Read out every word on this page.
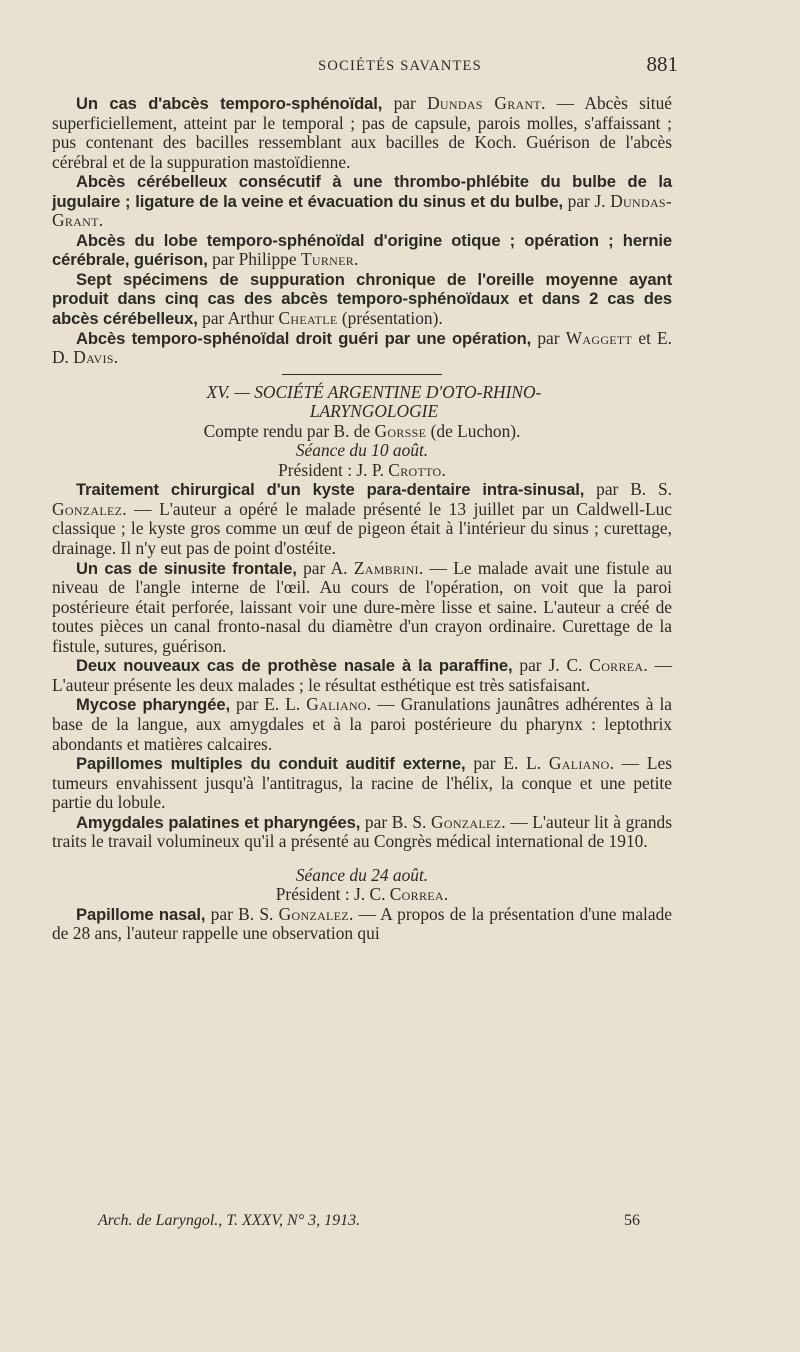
SOCIÉTÉS SAVANTES	881

Un cas d'abcès temporo-sphénoïdal, par Dundas Grant. — Abcès situé superficiellement, atteint par le temporal ; pas de capsule, parois molles, s'affaissant ; pus contenant des bacilles ressemblant aux bacilles de Koch. Guérison de l'abcès cérébral et de la suppuration mastoïdienne.

Abcès cérébelleux consécutif à une thrombo-phlébite du bulbe de la jugulaire ; ligature de la veine et évacuation du sinus et du bulbe, par J. Dundas-Grant.

Abcès du lobe temporo-sphénoïdal d'origine otique ; opération ; hernie cérébrale, guérison, par Philippe Turner.

Sept spécimens de suppuration chronique de l'oreille moyenne ayant produit dans cinq cas des abcès temporo-sphénoïdaux et dans 2 cas des abcès cérébelleux, par Arthur Cheatle (présentation).

Abcès temporo-sphénoïdal droit guéri par une opération, par Waggett et E. D. Davis.

XV. — SOCIÉTÉ ARGENTINE D'OTO-RHINO-

LARYNGOLOGIE

Compte rendu par B. de Gorsse (de Luchon).

Séance du 10 août.

Président : J. P. Crotto.

Traitement chirurgical d'un kyste para-dentaire intra-sinusal, par B. S. Gonzalez. — L'auteur a opéré le malade présenté le 13 juillet par un Caldwell-Luc classique ; le kyste gros comme un œuf de pigeon était à l'intérieur du sinus ; curettage, drainage. Il n'y eut pas de point d'ostéite.

Un cas de sinusite frontale, par A. Zambrini. — Le malade avait une fistule au niveau de l'angle interne de l'œil. Au cours de l'opération, on voit que la paroi postérieure était perforée, laissant voir une dure-mère lisse et saine. L'auteur a créé de toutes pièces un canal fronto-nasal du diamètre d'un crayon ordinaire. Curettage de la fistule, sutures, guérison.

Deux nouveaux cas de prothèse nasale à la paraffine, par J. C. Correa. — L'auteur présente les deux malades ; le résultat esthétique est très satisfaisant.

Mycose pharyngée, par E. L. Galiano. — Granulations jaunâtres adhérentes à la base de la langue, aux amygdales et à la paroi postérieure du pharynx : leptothrix abondants et matières calcaires.

Papillomes multiples du conduit auditif externe, par E. L. Galiano. — Les tumeurs envahissent jusqu'à l'antitragus, la racine de l'hélix, la conque et une petite partie du lobule.

Amygdales palatines et pharyngées, par B. S. Gonzalez. — L'auteur lit à grands traits le travail volumineux qu'il a présenté au Congrès médical international de 1910.

Séance du 24 août.

Président : J. C. Correa.

Papillome nasal, par B. S. Gonzalez. — A propos de la présentation d'une malade de 28 ans, l'auteur rappelle une observation qui

Arch. de Laryngol., T. XXXV, N° 3, 1913.	56
